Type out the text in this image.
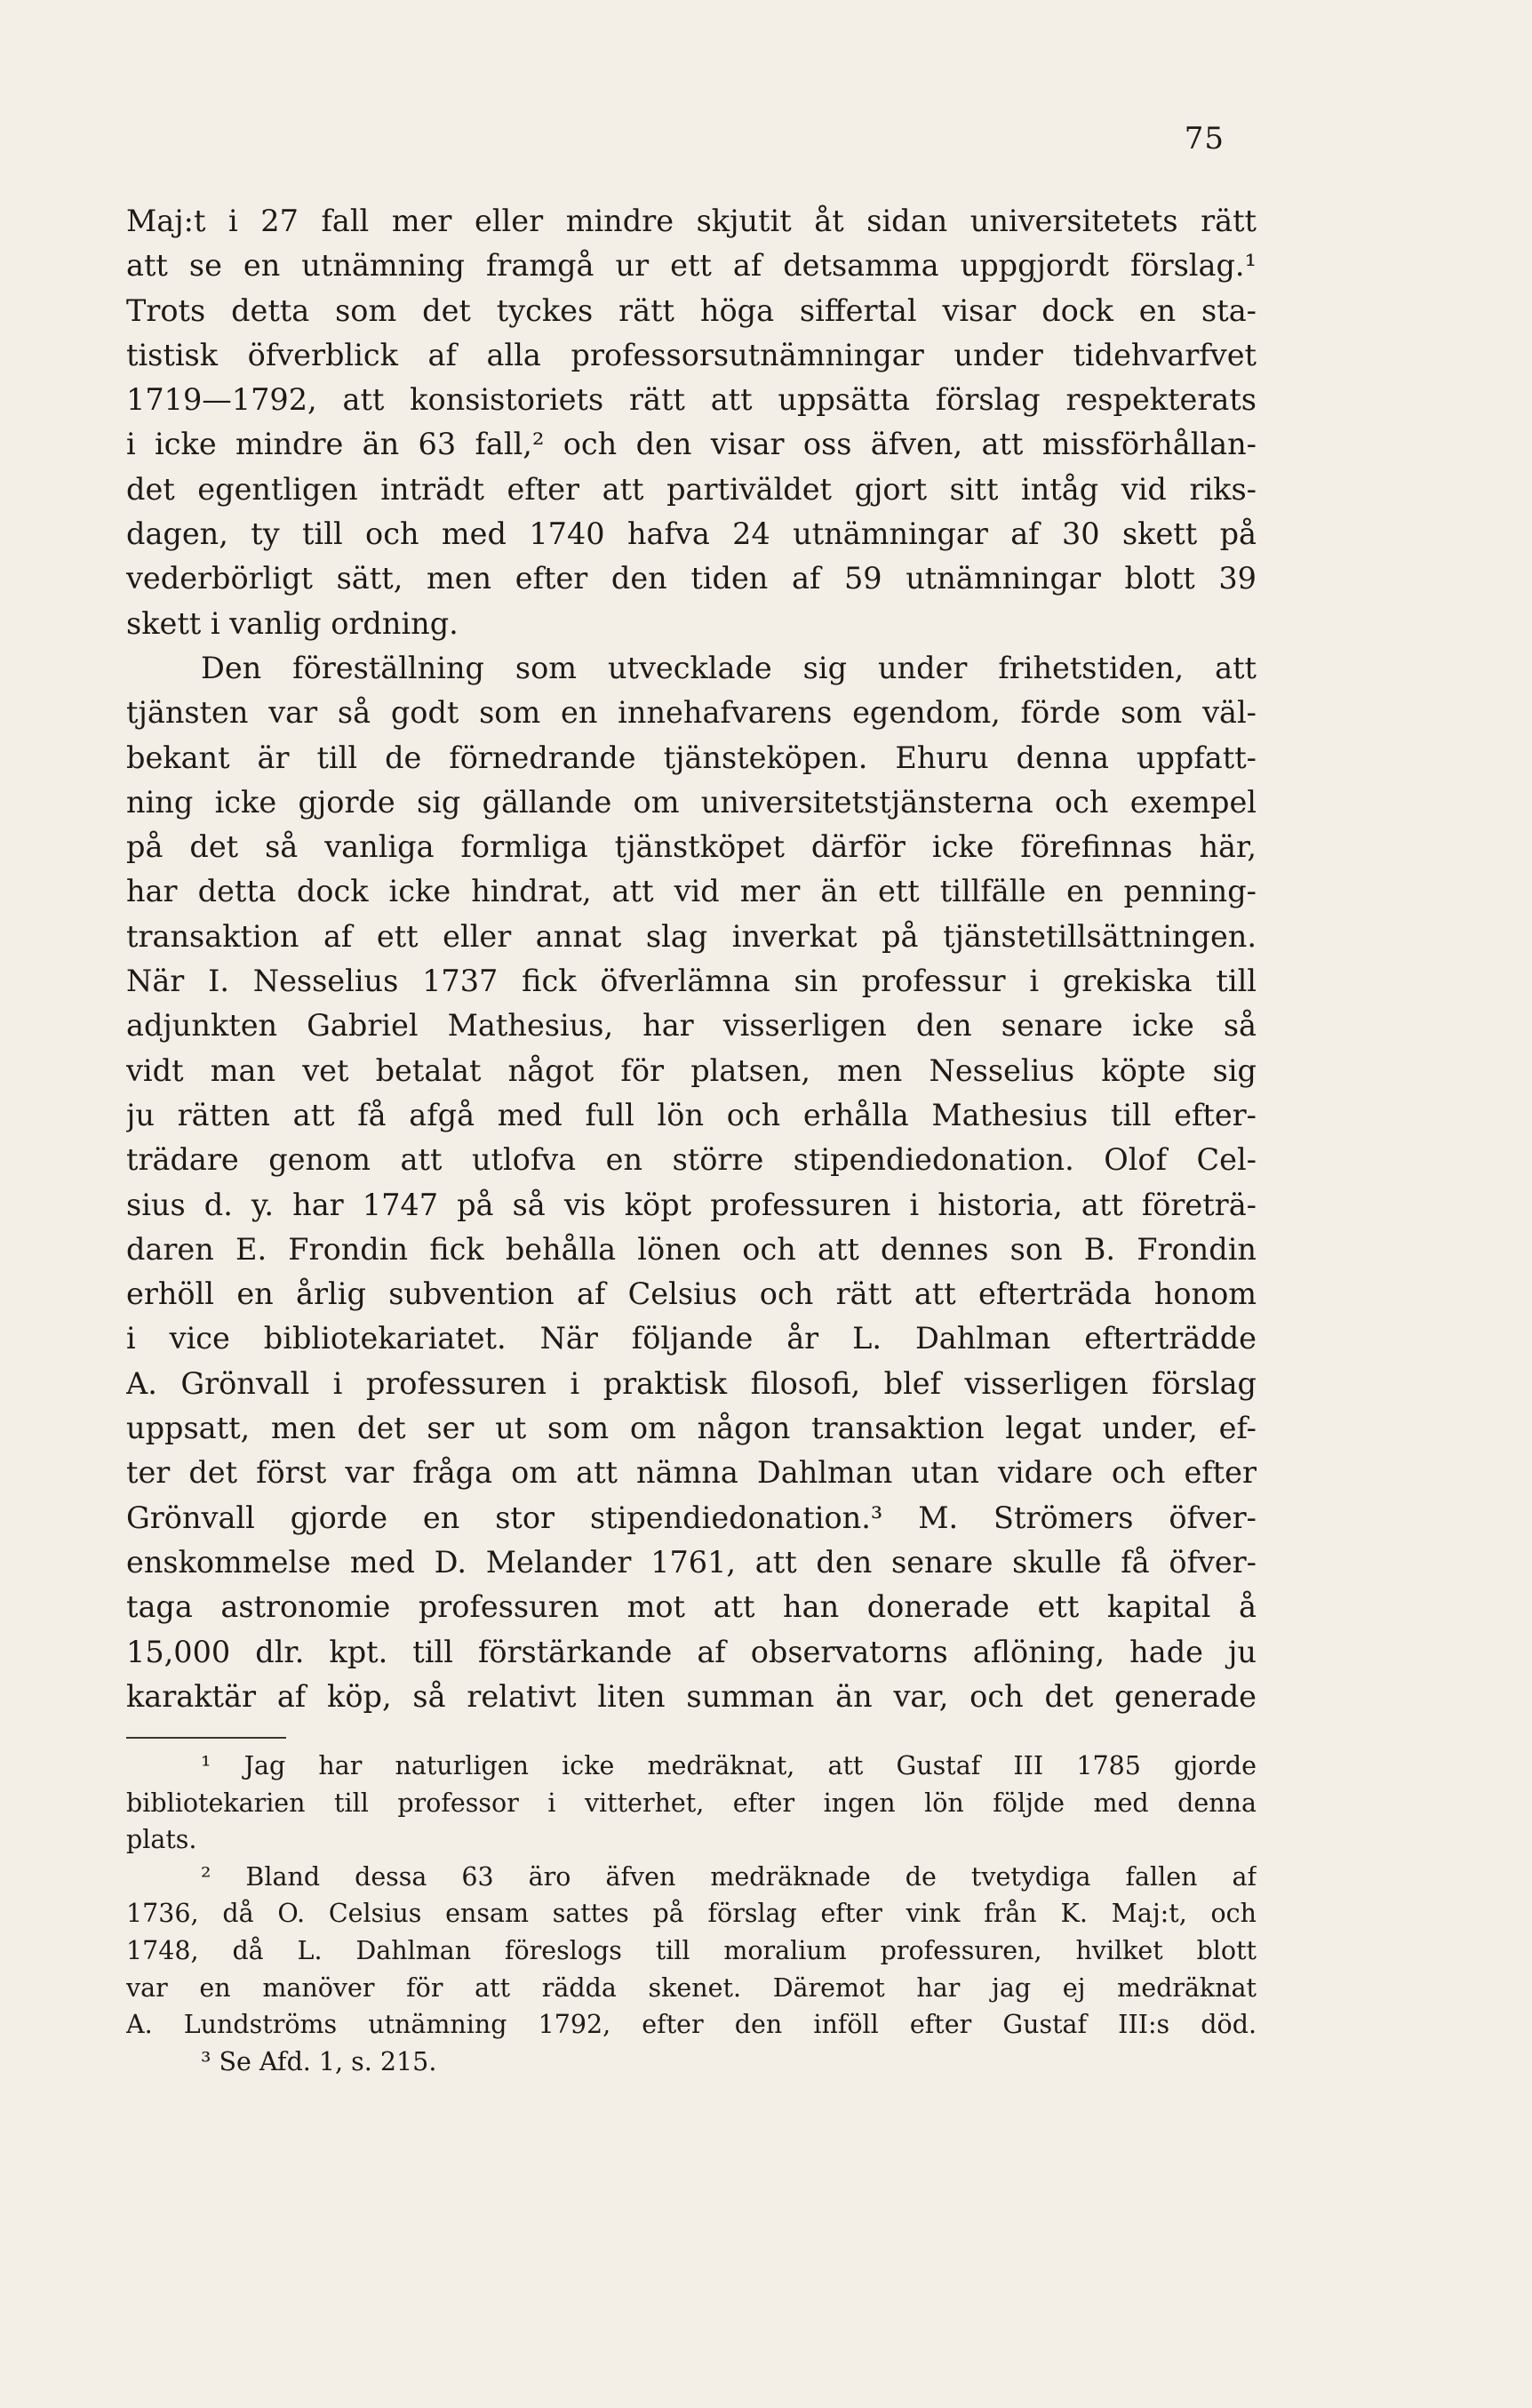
75
Maj:t i 27 fall mer eller mindre skjutit åt sidan universitetets rätt
att se en utnämning framgå ur ett af detsamma uppgjordt förslag.¹
Trots detta som det tyckes rätt höga siffertal visar dock en sta-
tistisk öfverblick af alla professorsutnämningar under tidehvarfvet
1719—1792, att konsistoriets rätt att uppsätta förslag respekterats
i icke mindre än 63 fall,² och den visar oss äfven, att missförhållan-
det egentligen inträdt efter att partiväldet gjort sitt intåg vid riks-
dagen, ty till och med 1740 hafva 24 utnämningar af 30 skett på
vederbörligt sätt, men efter den tiden af 59 utnämningar blott 39
skett i vanlig ordning.
Den föreställning som utvecklade sig under frihetstiden, att
tjänsten var så godt som en innehafvarens egendom, förde som väl-
bekant är till de förnedrande tjänsteköpen. Ehuru denna uppfatt-
ning icke gjorde sig gällande om universitetstjänsterna och exempel
på det så vanliga formliga tjänstköpet därför icke förefinnas här,
har detta dock icke hindrat, att vid mer än ett tillfälle en penning-
transaktion af ett eller annat slag inverkat på tjänstetillsättningen.
När I. Nesselius 1737 fick öfverlämna sin professur i grekiska till
adjunkten Gabriel Mathesius, har visserligen den senare icke så
vidt man vet betalat något för platsen, men Nesselius köpte sig
ju rätten att få afgå med full lön och erhålla Mathesius till efter-
trädare genom att utlofva en större stipendiedonation. Olof Cel-
sius d. y. har 1747 på så vis köpt professuren i historia, att företrä-
daren E. Frondin fick behålla lönen och att dennes son B. Frondin
erhöll en årlig subvention af Celsius och rätt att efterträda honom
i vice bibliotekariatet. När följande år L. Dahlman efterträdde
A. Grönvall i professuren i praktisk filosofi, blef visserligen förslag
uppsatt, men det ser ut som om någon transaktion legat under, ef-
ter det först var fråga om att nämna Dahlman utan vidare och efter
Grönvall gjorde en stor stipendiedonation.³ M. Strömers öfver-
enskommelse med D. Melander 1761, att den senare skulle få öfver-
taga astronomie professuren mot att han donerade ett kapital å
15,000 dlr. kpt. till förstärkande af observatorns aflöning, hade ju
karaktär af köp, så relativt liten summan än var, och det generade
¹ Jag har naturligen icke medräknat, att Gustaf III 1785 gjorde
bibliotekarien till professor i vitterhet, efter ingen lön följde med denna
plats.
² Bland dessa 63 äro äfven medräknade de tvetydiga fallen af
1736, då O. Celsius ensam sattes på förslag efter vink från K. Maj:t, och
1748, då L. Dahlman föreslogs till moralium professuren, hvilket blott
var en manöver för att rädda skenet. Däremot har jag ej medräknat
A. Lundströms utnämning 1792, efter den inföll efter Gustaf III:s död.
³ Se Afd. 1, s. 215.
